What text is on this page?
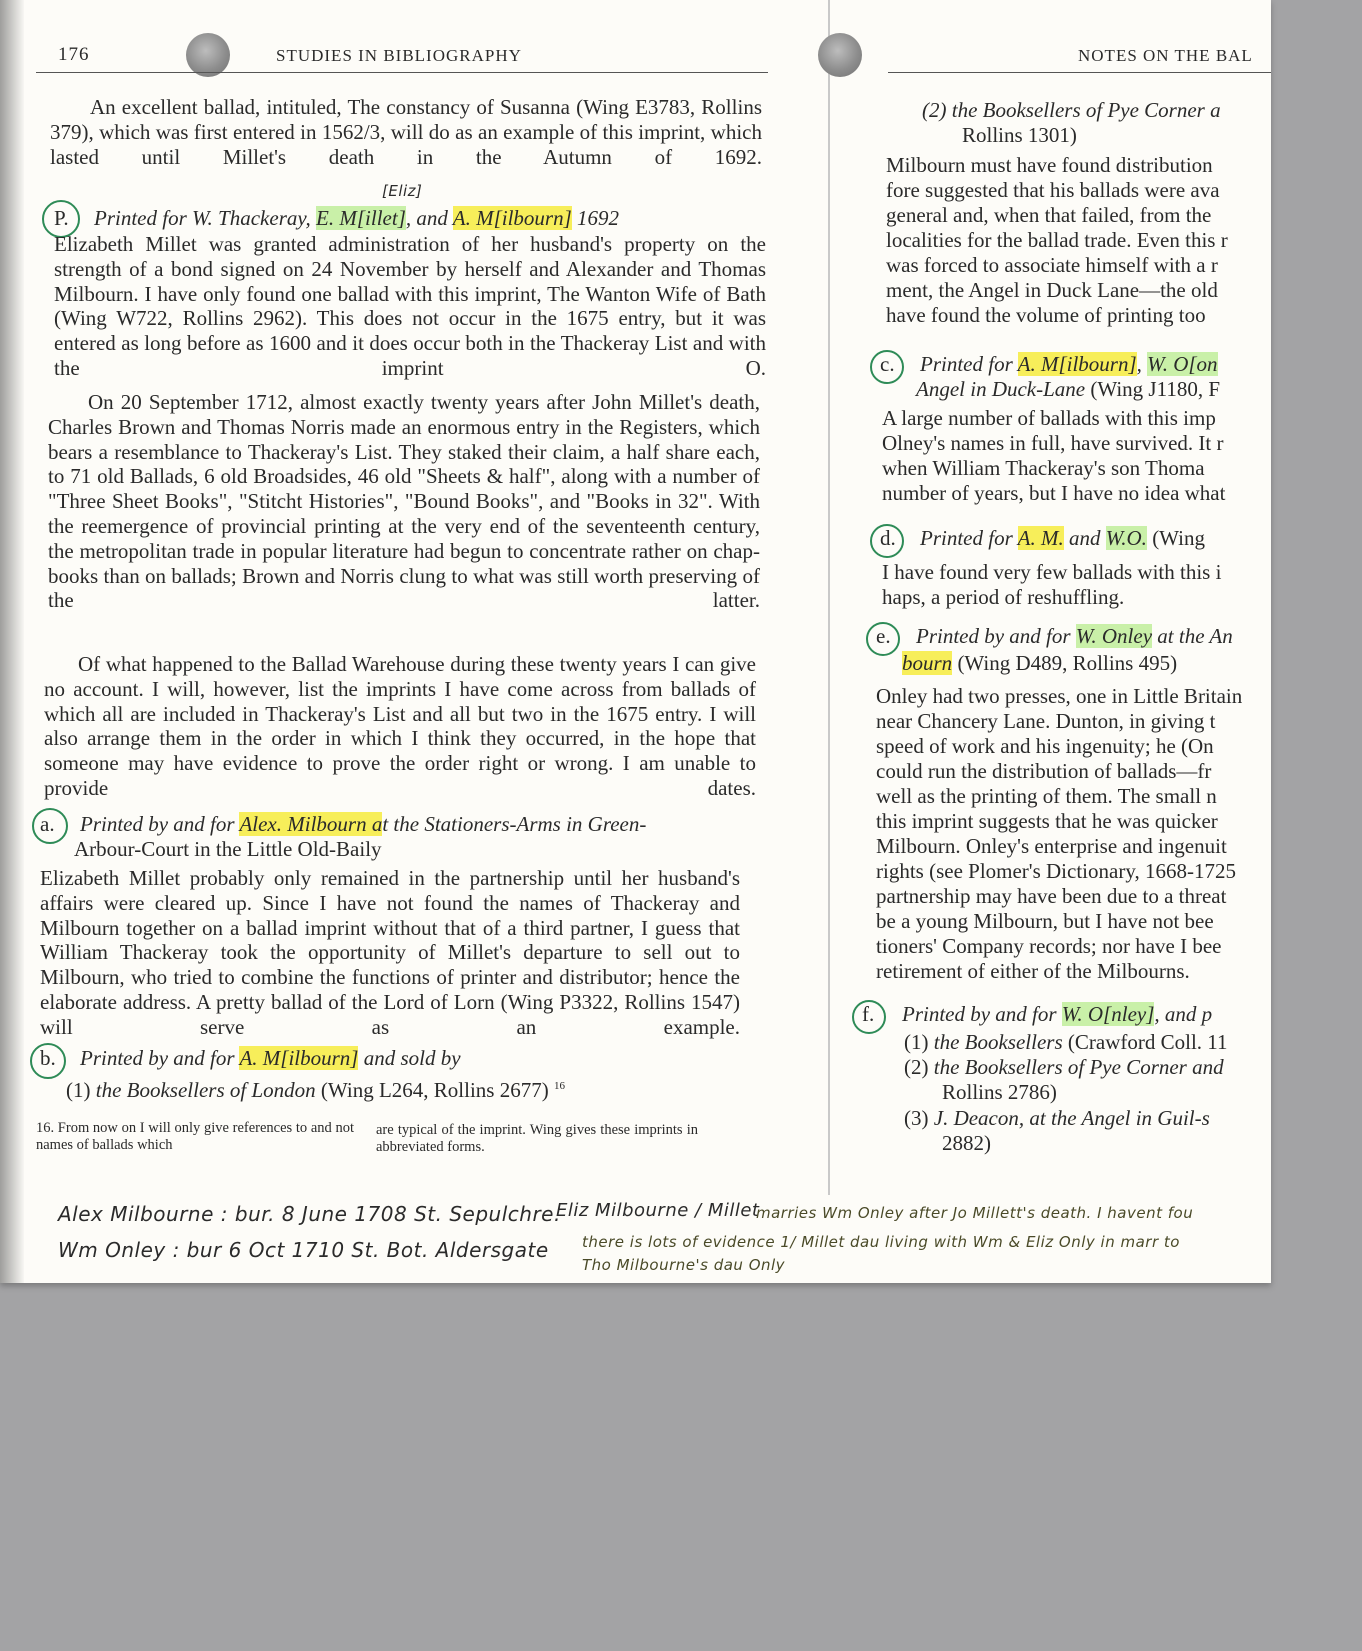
176	STUDIES IN BIBLIOGRAPHY	NOTES ON THE BAL
An excellent ballad, intituled, The constancy of Susanna (Wing E3783, Rollins 379), which was first entered in 1562/3, will do as an example of this imprint, which lasted until Millet's death in the Autumn of 1692.
[Eliz]
P. Printed for W. Thackeray, E. M[illet], and A. M[ilbourn] 1692
Elizabeth Millet was granted administration of her husband's property on the strength of a bond signed on 24 November by herself and Alexander and Thomas Milbourn. I have only found one ballad with this imprint, The Wanton Wife of Bath (Wing W722, Rollins 2962). This does not occur in the 1675 entry, but it was entered as long before as 1600 and it does occur both in the Thackeray List and with the imprint O.
On 20 September 1712, almost exactly twenty years after John Millet's death, Charles Brown and Thomas Norris made an enormous entry in the Registers, which bears a resemblance to Thackeray's List. They staked their claim, a half share each, to 71 old Ballads, 6 old Broadsides, 46 old "Sheets & half", along with a number of "Three Sheet Books", "Stitcht Histories", "Bound Books", and "Books in 32". With the reemergence of provincial printing at the very end of the seventeenth century, the metropolitan trade in popular literature had begun to concentrate rather on chap-books than on ballads; Brown and Norris clung to what was still worth preserving of the latter.
Of what happened to the Ballad Warehouse during these twenty years I can give no account. I will, however, list the imprints I have come across from ballads of which all are included in Thackeray's List and all but two in the 1675 entry. I will also arrange them in the order in which I think they occurred, in the hope that someone may have evidence to prove the order right or wrong. I am unable to provide dates.
a. Printed by and for Alex. Milbourn at the Stationers-Arms in Green-
Arbour-Court in the Little Old-Baily
Elizabeth Millet probably only remained in the partnership until her husband's affairs were cleared up. Since I have not found the names of Thackeray and Milbourn together on a ballad imprint without that of a third partner, I guess that William Thackeray took the opportunity of Millet's departure to sell out to Milbourn, who tried to combine the functions of printer and distributor; hence the elaborate address. A pretty ballad of the Lord of Lorn (Wing P3322, Rollins 1547) will serve as an example.
b. Printed by and for A. M[ilbourn] and sold by
(1) the Booksellers of London (Wing L264, Rollins 2677) $^{16}$
16. From now on I will only give references to and not names of ballads which
are typical of the imprint. Wing gives these imprints in abbreviated forms.
(2) the Booksellers of Pye Corner a
Rollins 1301)
Milbourn must have found distribution
fore suggested that his ballads were ava
general and, when that failed, from the
localities for the ballad trade. Even this r
was forced to associate himself with a r
ment, the Angel in Duck Lane—the old
have found the volume of printing too
c. Printed for A. M[ilbourn], W. O[on
Angel in Duck-Lane (Wing J1180, F
A large number of ballads with this imp
Olney's names in full, have survived. It r
when William Thackeray's son Thoma
number of years, but I have no idea what
d. Printed for A. M. and W.O. (Wing
I have found very few ballads with this i
haps, a period of reshuffling.
e. Printed by and for W. Onley at the An
bourn (Wing D489, Rollins 495)
Onley had two presses, one in Little Britain
near Chancery Lane. Dunton, in giving t
speed of work and his ingenuity; he (On
could run the distribution of ballads—fr
well as the printing of them. The small n
this imprint suggests that he was quicker
Milbourn. Onley's enterprise and ingenuit
rights (see Plomer's Dictionary, 1668-1725
partnership may have been due to a threat
be a young Milbourn, but I have not bee
tioners' Company records; nor have I bee
retirement of either of the Milbourns.
f. Printed by and for W. O[nley], and p
(1) the Booksellers (Crawford Coll. 11
(2) the Booksellers of Pye Corner and
Rollins 2786)
(3) J. Deacon, at the Angel in Guil-s
2882)
Alex Milbourne : bur. 8 June 1708 St. Sepulchre.
Wm Onley : bur 6 Oct 1710 St. Bot. Aldersgate
Eliz Milbourne / Millet
marries Wm Onley after Jo Millett's death. I havent fou
there is lots of evidence 1/ Millet dau living with Wm & Eliz Only in marr to
Tho Milbourne's dau Only
